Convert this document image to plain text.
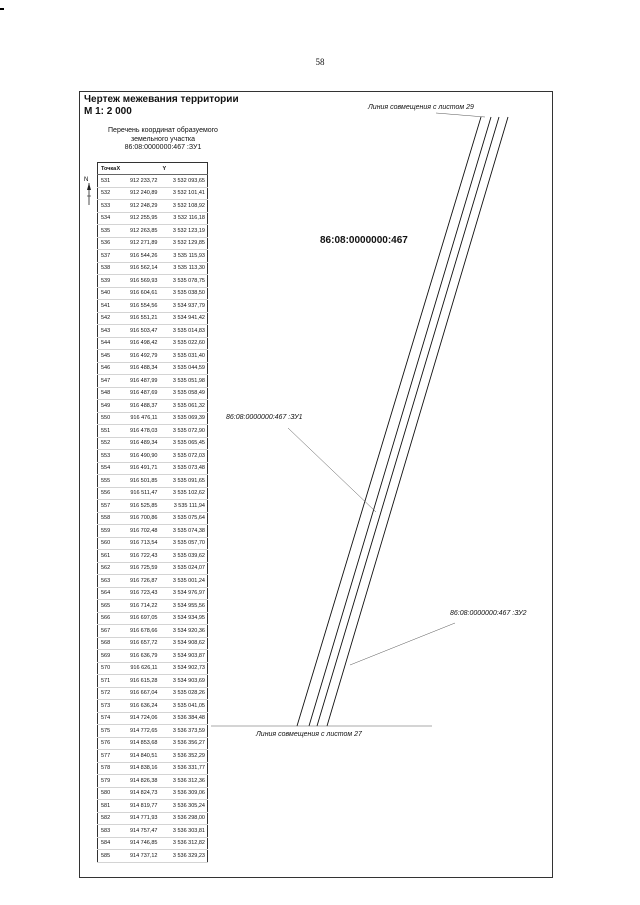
58
Чертеж межевания территории
М 1: 2 000
Перечень координат образуемого
земельного участка
86:08:0000000:467 :ЗУ1
N
Точка	X	Y
531	912 233,72	3 532 093,65
532	912 240,89	3 532 101,41
533	912 248,29	3 532 108,92
534	912 255,95	3 532 116,18
535	912 263,85	3 532 123,19
536	912 271,89	3 532 129,85
537	916 544,26	3 535 115,93
538	916 562,14	3 535 113,30
539	916 569,93	3 535 078,75
540	916 604,61	3 535 038,50
541	916 554,56	3 534 937,79
542	916 551,21	3 534 941,42
543	916 503,47	3 535 014,83
544	916 498,42	3 535 022,60
545	916 492,79	3 535 031,40
546	916 488,34	3 535 044,59
547	916 487,99	3 535 051,98
548	916 487,69	3 535 058,49
549	916 488,37	3 535 061,32
550	916 476,11	3 535 069,39
551	916 478,03	3 535 072,90
552	916 489,34	3 535 065,45
553	916 490,90	3 535 072,03
554	916 491,71	3 535 073,48
555	916 501,85	3 535 091,65
556	916 511,47	3 535 102,62
557	916 525,85	3 535 111,94
558	916 700,86	3 535 075,64
559	916 702,48	3 535 074,38
560	916 713,54	3 535 057,70
561	916 722,43	3 535 039,62
562	916 725,59	3 535 024,07
563	916 726,87	3 535 001,24
564	916 723,43	3 534 976,97
565	916 714,22	3 534 955,56
566	916 697,05	3 534 934,95
567	916 678,66	3 534 920,36
568	916 657,72	3 534 908,62
569	916 636,79	3 534 903,87
570	916 626,11	3 534 902,73
571	916 615,28	3 534 903,69
572	916 667,04	3 535 028,26
573	916 636,24	3 535 041,05
574	914 724,06	3 536 384,48
575	914 772,65	3 536 373,59
576	914 853,68	3 536 356,27
577	914 840,51	3 536 352,29
578	914 838,16	3 536 331,77
579	914 826,38	3 536 312,36
580	914 824,73	3 536 309,06
581	914 819,77	3 536 305,24
582	914 771,93	3 536 298,00
583	914 757,47	3 536 303,81
584	914 746,85	3 536 312,82
585	914 737,12	3 536 329,23
Линия совмещения с листом 29
86:08:0000000:467
86:08:0000000:467 :ЗУ1
86:08:0000000:467 :ЗУ2
Линия совмещения с листом 27
